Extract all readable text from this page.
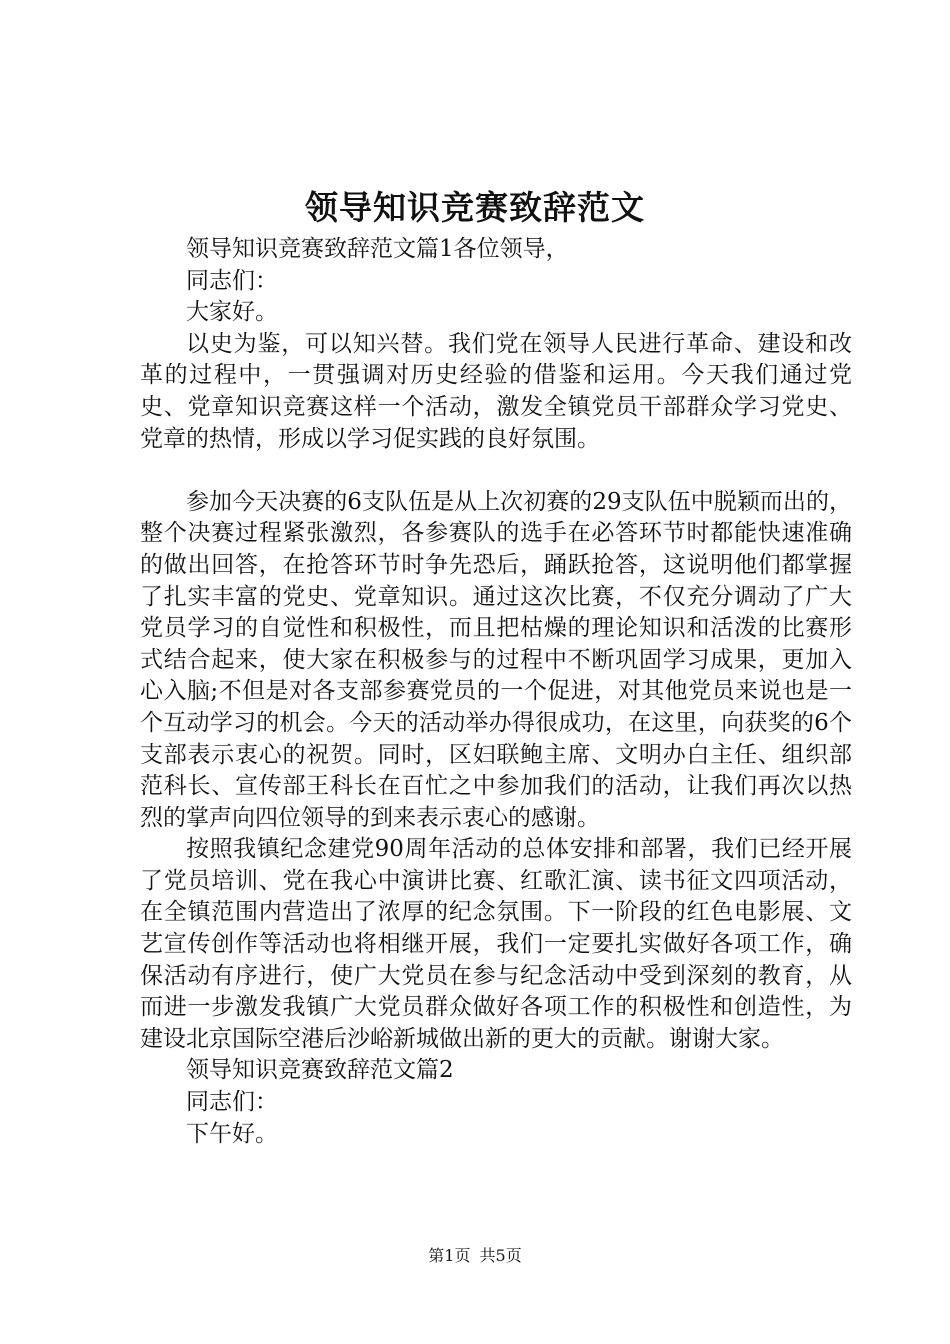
领导知识竞赛致辞范文

领导知识竞赛致辞范文篇1各位领导，

同志们：

大家好。

以史为鉴，可以知兴替。我们党在领导人民进行革命、建设和改革的过程中，一贯强调对历史经验的借鉴和运用。今天我们通过党史、党章知识竞赛这样一个活动，激发全镇党员干部群众学习党史、党章的热情，形成以学习促实践的良好氛围。

参加今天决赛的6支队伍是从上次初赛的29支队伍中脱颖而出的，整个决赛过程紧张激烈，各参赛队的选手在必答环节时都能快速准确的做出回答，在抢答环节时争先恐后，踊跃抢答，这说明他们都掌握了扎实丰富的党史、党章知识。通过这次比赛，不仅充分调动了广大党员学习的自觉性和积极性，而且把枯燥的理论知识和活泼的比赛形式结合起来，使大家在积极参与的过程中不断巩固学习成果，更加入心入脑;不但是对各支部参赛党员的一个促进，对其他党员来说也是一个互动学习的机会。今天的活动举办得很成功，在这里，向获奖的6个支部表示衷心的祝贺。同时，区妇联鲍主席、文明办白主任、组织部范科长、宣传部王科长在百忙之中参加我们的活动，让我们再次以热烈的掌声向四位领导的到来表示衷心的感谢。

按照我镇纪念建党90周年活动的总体安排和部署，我们已经开展了党员培训、党在我心中演讲比赛、红歌汇演、读书征文四项活动，在全镇范围内营造出了浓厚的纪念氛围。下一阶段的红色电影展、文艺宣传创作等活动也将相继开展，我们一定要扎实做好各项工作，确保活动有序进行，使广大党员在参与纪念活动中受到深刻的教育，从而进一步激发我镇广大党员群众做好各项工作的积极性和创造性，为建设北京国际空港后沙峪新城做出新的更大的贡献。谢谢大家。

领导知识竞赛致辞范文篇2

同志们：

下午好。

第1页 共5页
